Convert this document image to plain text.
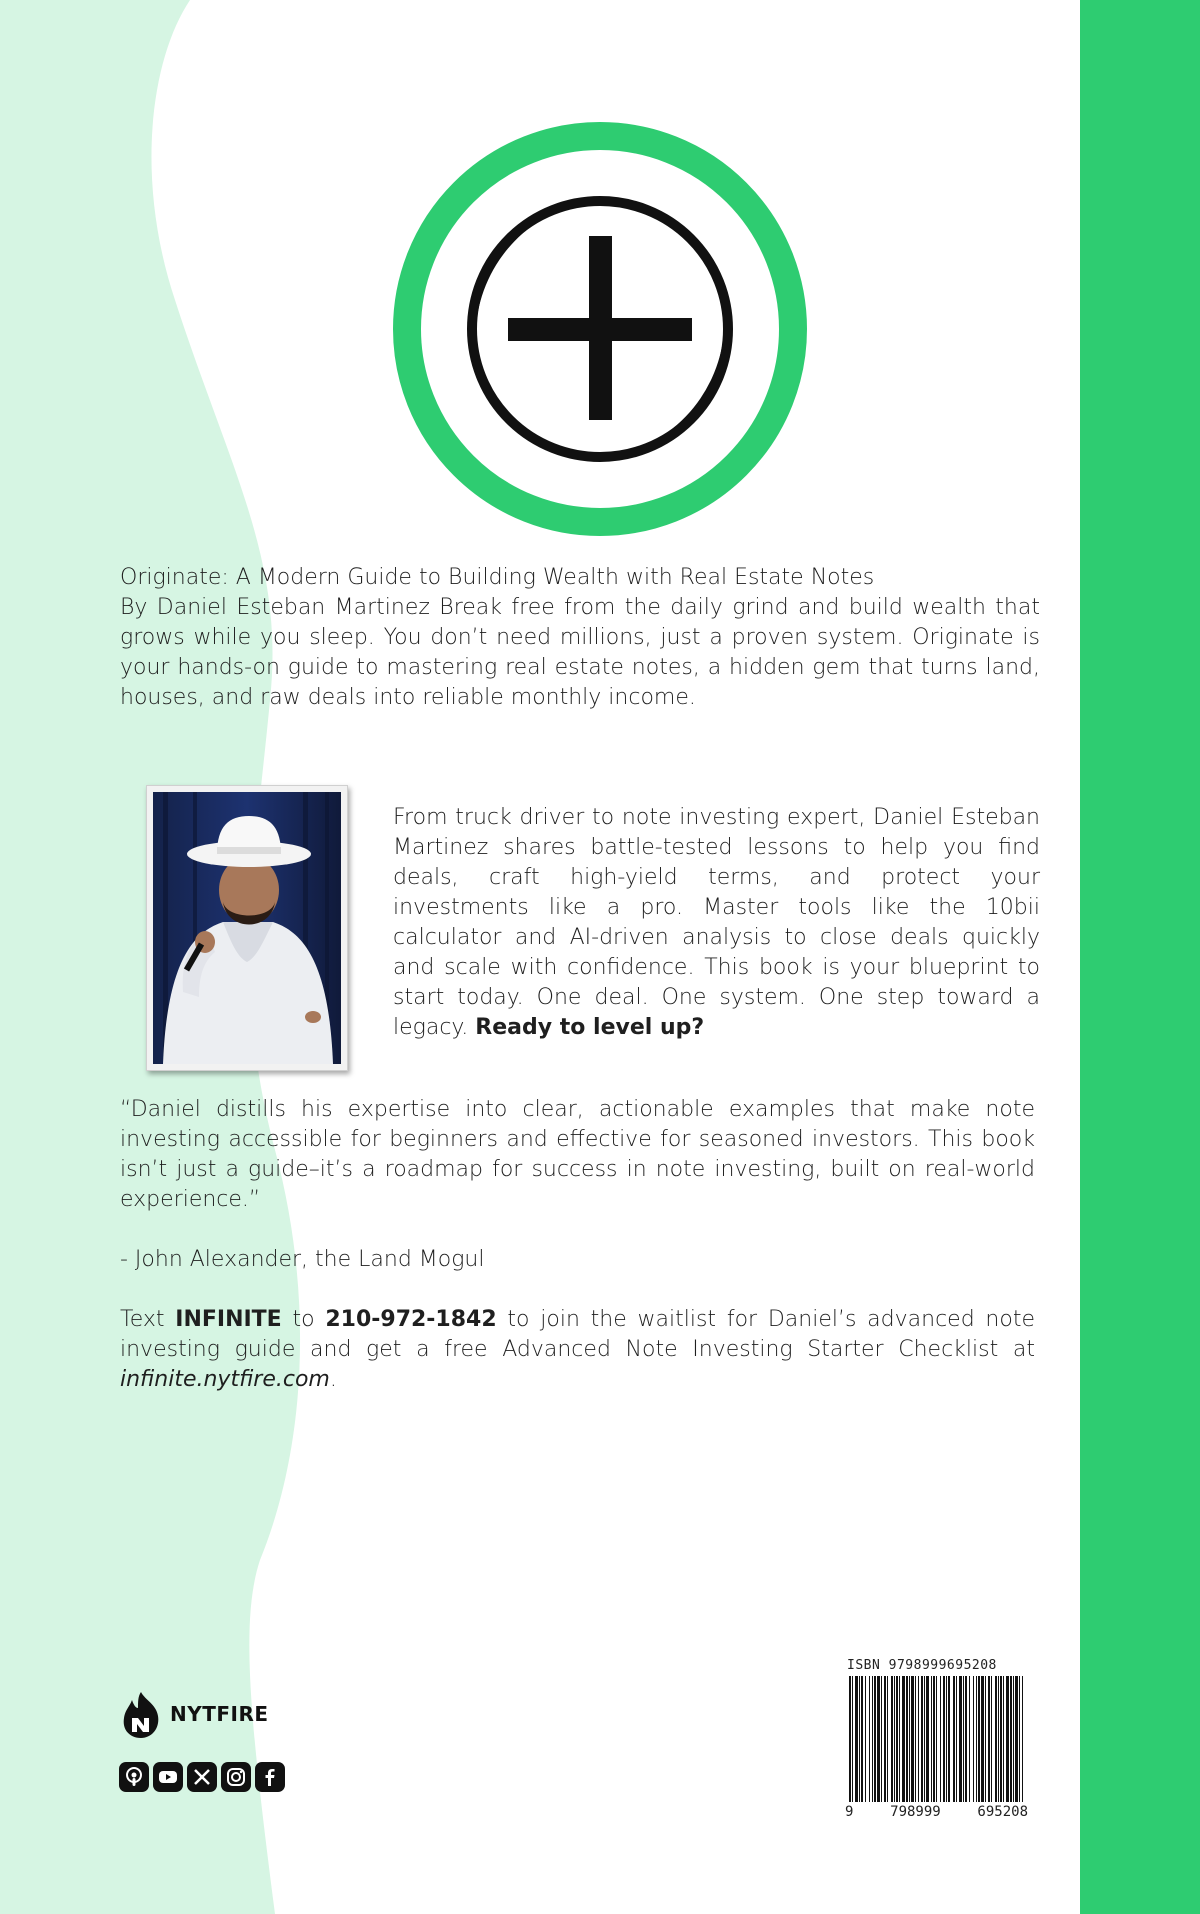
Originate: A Modern Guide to Building Wealth with Real Estate Notes
By Daniel Esteban Martinez Break free from the daily grind and build wealth that grows while you sleep. You don’t need millions, just a proven system. Originate is your hands-on guide to mastering real estate notes, a hidden gem that turns land, houses, and raw deals into reliable monthly income.
From truck driver to note investing expert, Daniel Esteban Martinez shares battle-tested lessons to help you find deals, craft high-yield terms, and protect your investments like a pro. Master tools like the 10bii calculator and AI-driven analysis to close deals quickly and scale with confidence. This book is your blueprint to start today. One deal. One system. One step toward a legacy. Ready to level up?
“Daniel distills his expertise into clear, actionable examples that make note investing accessible for beginners and effective for seasoned investors. This book isn’t just a guide–it’s a roadmap for success in note investing, built on real-world experience.”
- John Alexander, the Land Mogul
Text INFINITE to 210-972-1842 to join the waitlist for Daniel’s advanced note investing guide and get a free Advanced Note Investing Starter Checklist at infinite.nytfire.com.
NYTFIRE
ISBN 9798999695208
9	798999	695208
